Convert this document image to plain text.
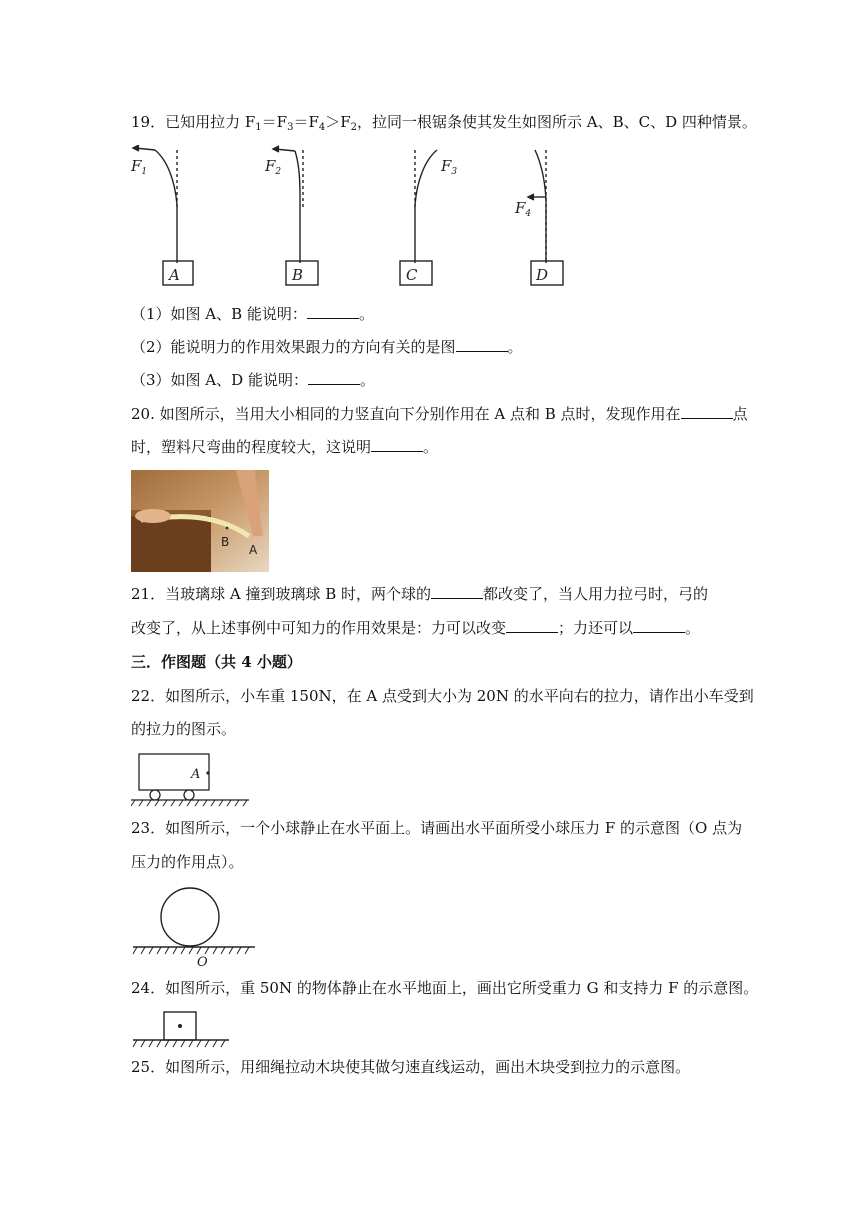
19．已知用拉力 $F_1=F_3=F_4>F_2$，拉同一根锯条使其发生如图所示 A、B、C、D 四种情景。
$F_1$	$F_2$	$F_3$
$F_4$
A	B	C	D
（1）如图 A、B 能说明：	。
（2）能说明力的作用效果跟力的方向有关的是图	。
（3）如图 A、D 能说明：	。
20. 如图所示，当用大小相同的力竖直向下分别作用在 A 点和 B 点时，发现作用在	点
时，塑料尺弯曲的程度较大，这说明	。
B
A
21．当玻璃球 A 撞到玻璃球 B 时，两个球的	都改变了，当人用力拉弓时，弓的
改变了，从上述事例中可知力的作用效果是：力可以改变	；力还可以	。
三．作图题（共 4 小题）
22．如图所示，小车重 150N，在 A 点受到大小为 20N 的水平向右的拉力，请作出小车受到
的拉力的图示。
A
23．如图所示，一个小球静止在水平面上。请画出水平面所受小球压力 F 的示意图（O 点为
压力的作用点）。
O
24．如图所示，重 50N 的物体静止在水平地面上，画出它所受重力 G 和支持力 F 的示意图。
25．如图所示，用细绳拉动木块使其做匀速直线运动，画出木块受到拉力的示意图。
